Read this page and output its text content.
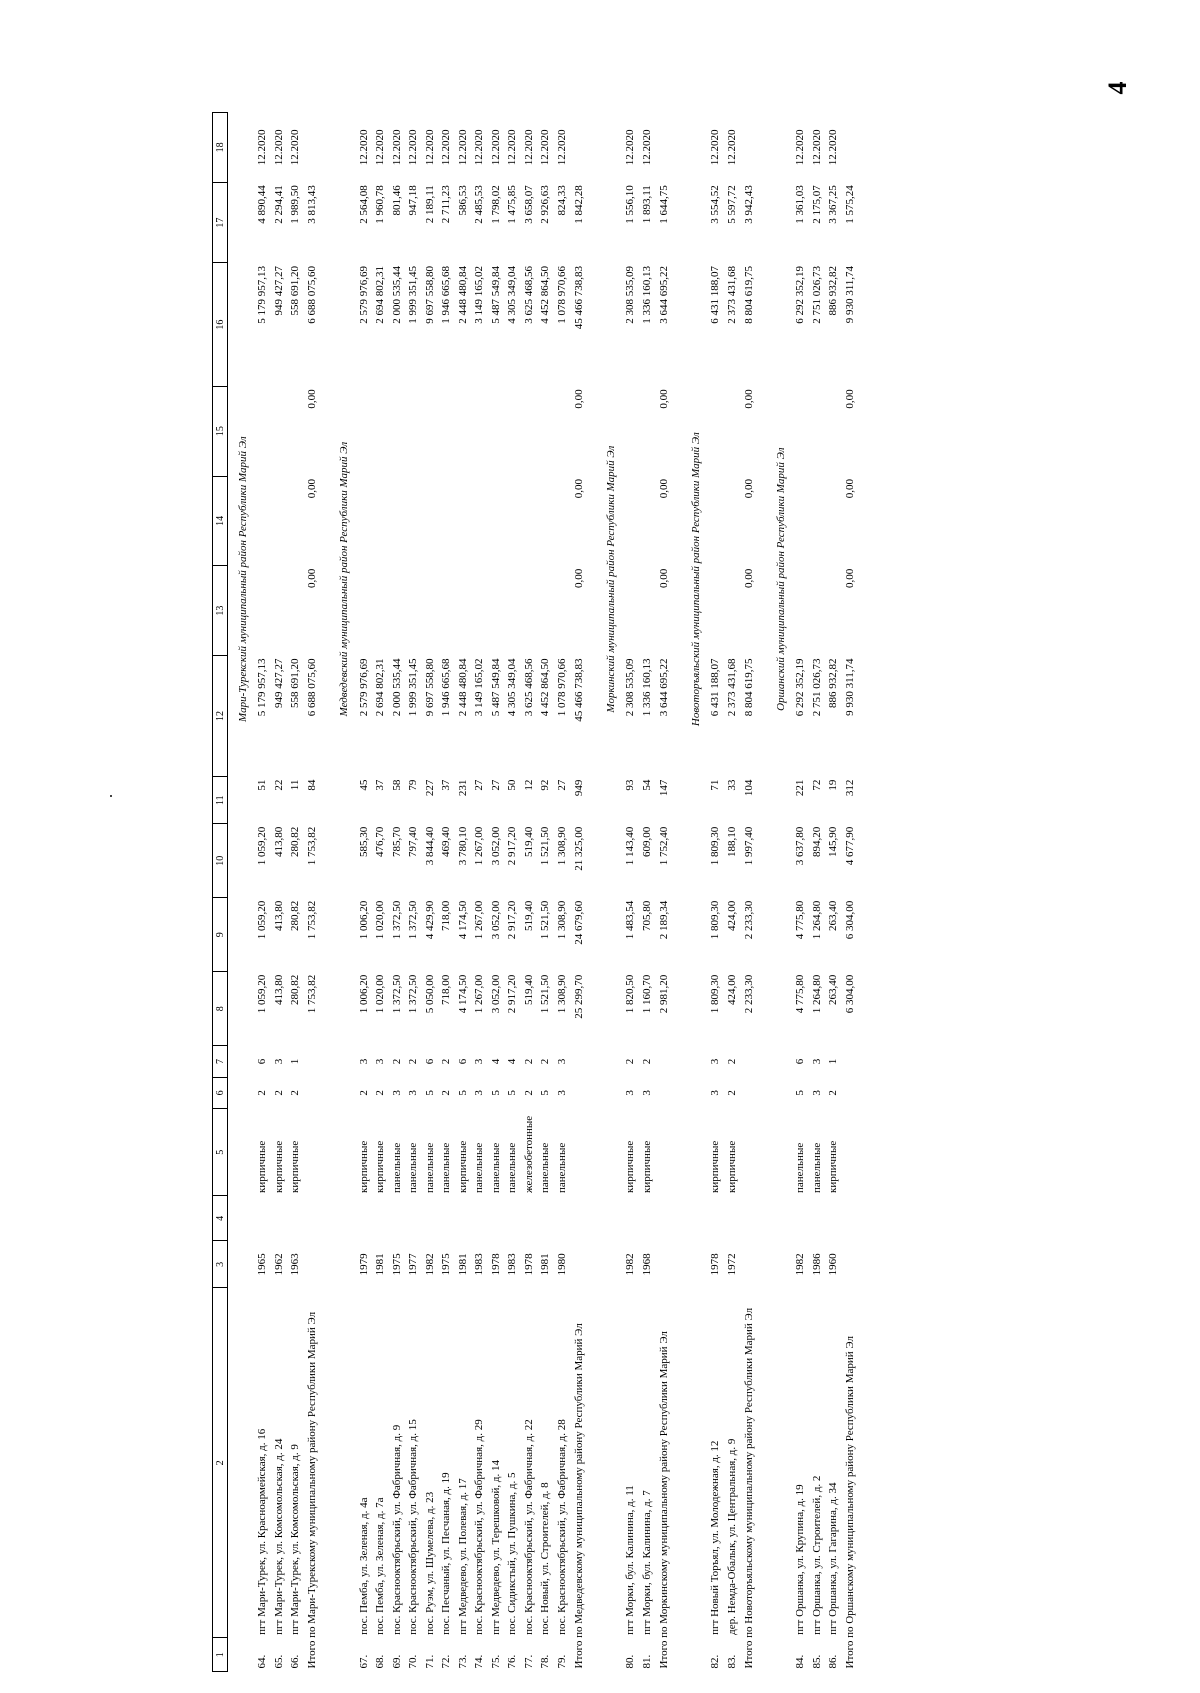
4
1	2	3	4	5	6	7	8	9	10	11	12	13	14	15	16	17	18
							Мари-Турекский муниципальный район Республики Марий Эл										
64.	пгт Мари-Турек, ул. Красноармейская, д. 16	1965		кирпичные	2	6	1 059,20	1 059,20	1 059,20	51	5 179 957,13				5 179 957,13	4 890,44	12.2020
65.	пгт Мари-Турек, ул. Комсомольская, д. 24	1962		кирпичные	2	3	413,80	413,80	413,80	22	949 427,27				949 427,27	2 294,41	12.2020
66.	пгт Мари-Турек, ул. Комсомольская, д. 9	1963		кирпичные	2	1	280,82	280,82	280,82	11	558 691,20				558 691,20	1 989,50	12.2020
Итого по Мари-Турекскому муниципальному району Республики Марий Эл							1 753,82	1 753,82	1 753,82	84	6 688 075,60	0,00	0,00	0,00	6 688 075,60	3 813,43	

							Медведевский муниципальный район Республики Марий Эл										
67.	пос. Пемба, ул. Зеленая, д. 4а	1979		кирпичные	2	3	1 006,20	1 006,20	585,30	45	2 579 976,69				2 579 976,69	2 564,08	12.2020
68.	пос. Пемба, ул. Зеленая, д. 7а	1981		кирпичные	2	3	1 020,00	1 020,00	476,70	37	2 694 802,31				2 694 802,31	1 960,78	12.2020
69.	пос. Краснооктябрьский, ул. Фабричная, д. 9	1975		панельные	3	2	1 372,50	1 372,50	785,70	58	2 000 535,44				2 000 535,44	801,46	12.2020
70.	пос. Краснооктябрьский, ул. Фабричная, д. 15	1977		панельные	3	2	1 372,50	1 372,50	797,40	79	1 999 351,45				1 999 351,45	947,18	12.2020
71.	пос. Руэм, ул. Шумелева, д. 23	1982		панельные	5	6	5 050,00	4 429,90	3 844,40	227	9 697 558,80				9 697 558,80	2 189,11	12.2020
72.	пос. Песчаный, ул. Песчаная, д. 19	1975		панельные	2	2	718,00	718,00	469,40	37	1 946 665,68				1 946 665,68	2 711,23	12.2020
73.	пгт Медведево, ул. Полевая, д. 17	1981		кирпичные	5	6	4 174,50	4 174,50	3 780,10	231	2 448 480,84				2 448 480,84	586,53	12.2020
74.	пос. Краснооктябрьский, ул. Фабричная, д. 29	1983		панельные	3	3	1 267,00	1 267,00	1 267,00	27	3 149 165,02				3 149 165,02	2 485,53	12.2020
75.	пгт Медведево, ул. Терешковой, д. 14	1978		панельные	5	4	3 052,00	3 052,00	3 052,00	27	5 487 549,84				5 487 549,84	1 798,02	12.2020
76.	пос. Сидикстый, ул. Пушкина, д. 5	1983		панельные	5	4	2 917,20	2 917,20	2 917,20	50	4 305 349,04				4 305 349,04	1 475,85	12.2020
77.	пос. Краснооктябрьский, ул. Фабричная, д. 22	1978		железобетонные	2	2	519,40	519,40	519,40	12	3 625 468,56				3 625 468,56	3 658,07	12.2020
78.	пос. Новый, ул. Строителей, д. 8	1981		панельные	5	2	1 521,50	1 521,50	1 521,50	92	4 452 864,50				4 452 864,50	2 926,63	12.2020
79.	пос. Краснооктябрьский, ул. Фабричная, д. 28	1980		панельные	3	3	1 308,90	1 308,90	1 308,90	27	1 078 970,66				1 078 970,66	824,33	12.2020
Итого по Медведевскому муниципальному району Республики Марий Эл							25 299,70	24 679,60	21 325,00	949	45 466 738,83	0,00	0,00	0,00	45 466 738,83	1 842,28	

							Моркинский муниципальный район Республики Марий Эл										
80.	пгт Морки, бул. Калинина, д. 11	1982		кирпичные	3	2	1 820,50	1 483,54	1 143,40	93	2 308 535,09				2 308 535,09	1 556,10	12.2020
81.	пгт Морки, бул. Калинина, д. 7	1968		кирпичные	3	2	1 160,70	705,80	609,00	54	1 336 160,13				1 336 160,13	1 893,11	12.2020
Итого по Моркинскому муниципальному району Республики Марий Эл							2 981,20	2 189,34	1 752,40	147	3 644 695,22	0,00	0,00	0,00	3 644 695,22	1 644,75	

							Новоторъяльский муниципальный район Республики Марий Эл										
82.	пгт Новый Торъял, ул. Молодежная, д. 12	1978		кирпичные	3	3	1 809,30	1 809,30	1 809,30	71	6 431 188,07				6 431 188,07	3 554,52	12.2020
83.	дер. Немда-Обалык, ул. Центральная, д. 9	1972		кирпичные	2	2	424,00	424,00	188,10	33	2 373 431,68				2 373 431,68	5 597,72	12.2020
Итого по Новоторъяльскому муниципальному району Республики Марий Эл							2 233,30	2 233,30	1 997,40	104	8 804 619,75	0,00	0,00	0,00	8 804 619,75	3 942,43	

							Оршанский муниципальный район Республики Марий Эл										
84.	пгт Оршанка, ул. Крупина, д. 19	1982		панельные	5	6	4 775,80	4 775,80	3 637,80	221	6 292 352,19				6 292 352,19	1 361,03	12.2020
85.	пгт Оршанка, ул. Строителей, д. 2	1986		панельные	3	3	1 264,80	1 264,80	894,20	72	2 751 026,73				2 751 026,73	2 175,07	12.2020
86.	пгт Оршанка, ул. Гагарина, д. 34	1960		кирпичные	2	1	263,40	263,40	145,90	19	886 932,82				886 932,82	3 367,25	12.2020
Итого по Оршанскому муниципальному району Республики Марий Эл							6 304,00	6 304,00	4 677,90	312	9 930 311,74	0,00	0,00	0,00	9 930 311,74	1 575,24	
